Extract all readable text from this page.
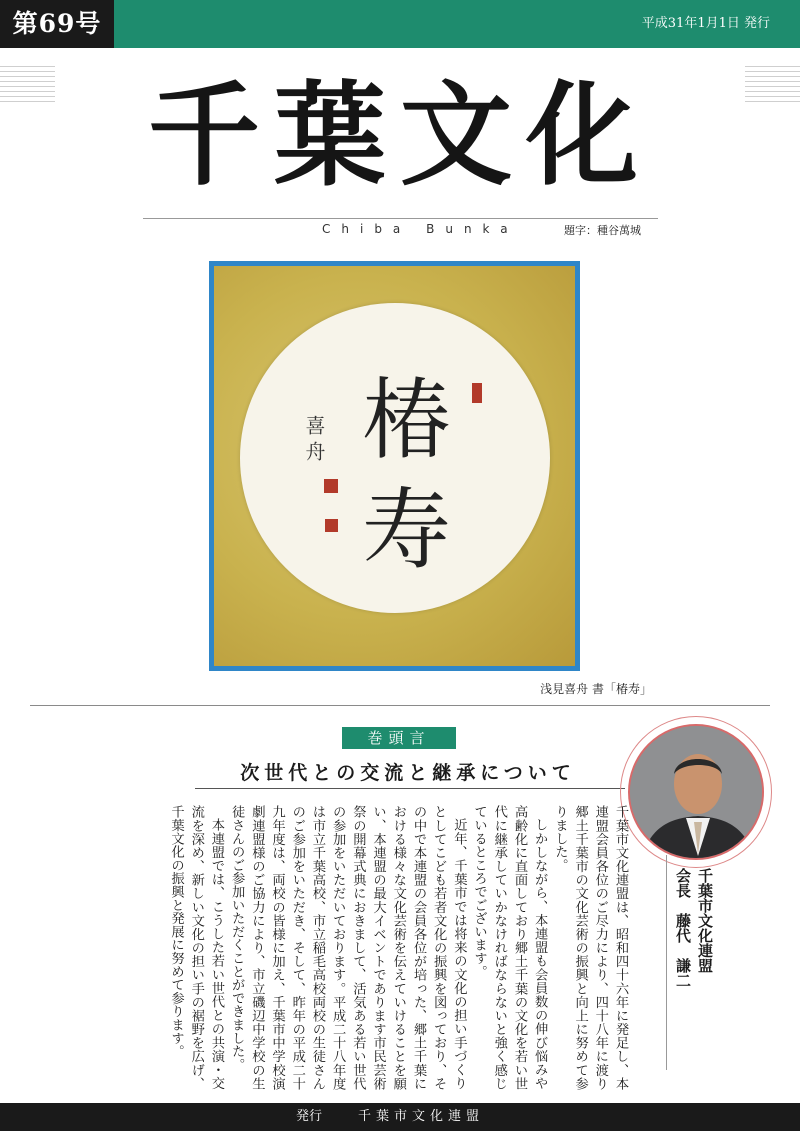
第69号	平成31年1月1日 発行
千葉文化
Chiba Bunka	題字：種谷萬城
椿寿
喜舟
浅見喜舟 書「椿寿」
巻頭言
次世代との交流と継承について
千葉市文化連盟
会長　藤代　謙二

千葉市文化連盟は、昭和四十六年に発足し、本連盟会員各位のご尽力により、四十八年に渡り郷土千葉市の文化芸術の振興と向上に努めて参りました。

しかしながら、本連盟も会員数の伸び悩みや高齢化に直面しており郷土千葉の文化を若い世代に継承していかなければならないと強く感じているところでございます。

近年、千葉市では将来の文化の担い手づくりとしてこども若者文化の振興を図っており、その中で本連盟の会員各位が培った、郷土千葉における様々な文化芸術を伝えていけることを願い、本連盟の最大イベントであります市民芸術祭の開幕式典におきまして、活気ある若い世代の参加をいただいております。平成二十八年度は市立千葉高校、市立稲毛高校両校の生徒さんのご参加をいただき、そして、昨年の平成二十九年度は、両校の皆様に加え、千葉市中学校演劇連盟様のご協力により、市立磯辺中学校の生徒さんのご参加いただくことができました。

本連盟では、こうした若い世代との共演・交流を深め、新しい文化の担い手の裾野を広げ、千葉文化の振興と発展に努めて参ります。

発行	千葉市文化連盟
